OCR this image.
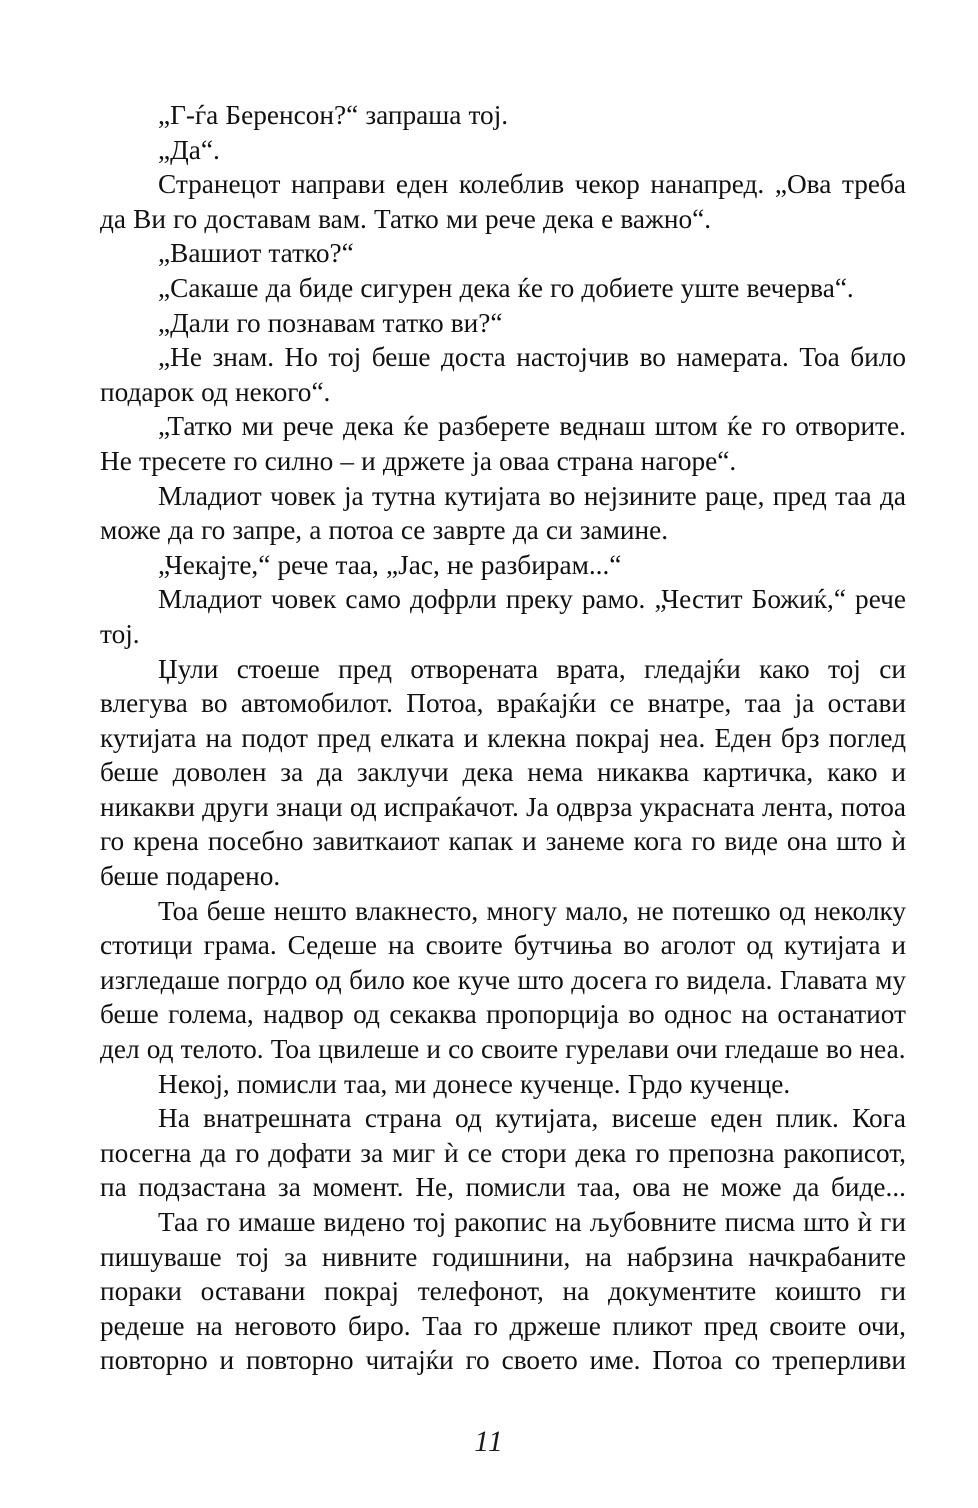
„Г-ѓа Беренсон?“ запраша тој.

„Да“.

Странецот направи еден колеблив чекор нанапред. „Ова треба да Ви го доставам вам. Татко ми рече дека е важно“.

„Вашиот татко?“

„Сакаше да биде сигурен дека ќе го добиете уште вечерва“.

„Дали го познавам татко ви?“

„Не знам. Но тој беше доста настојчив во намерата. Тоа било подарок од некого“.

„Татко ми рече дека ќе разберете веднаш штом ќе го отворите. Не тресете го силно – и држете ја оваа страна нагоре“.

Младиот човек ја тутна кутијата во нејзините раце, пред таа да може да го запре, а потоа се заврте да си замине.

„Чекајте,“ рече таа, „Јас, не разбирам...“

Младиот човек само дофрли преку рамо. „Честит Божиќ,“ рече тој.

Џули стоеше пред отворената врата, гледајќи како тој си влегува во автомобилот. Потоа, враќајќи се внатре, таа ја остави кутијата на подот пред елката и клекна покрај неа. Еден брз поглед беше доволен за да заклучи дека нема никаква картичка, како и никакви други знаци од испраќачот. Ја одврза украсната лента, потоа го крена посебно завиткаиот капак и занеме кога го виде она што ѝ беше подарено.

Тоа беше нешто влакнесто, многу мало, не потешко од неколку стотици грама. Седеше на своите бутчиња во аголот од кутијата и изгледаше погрдо од било кое куче што досега го видела. Главата му беше голема, надвор од секаква пропорција во однос на останатиот дел од телото. Тоа цвилеше и со своите гурелави очи гледаше во неа.

Некој, помисли таа, ми донесе кученце. Грдо кученце.

На внатрешната страна од кутијата, висеше еден плик. Кога посегна да го дофати за миг ѝ се стори дека го препозна ракописот, па подзастана за момент. Не, помисли таа, ова не може да биде...

Таа го имаше видено тој ракопис на љубовните писма што ѝ ги пишуваше тој за нивните годишнини, на набрзина начкрабаните пораки оставани покрај телефонот, на документите коишто ги редеше на неговото биро. Таа го држеше пликот пред своите очи, повторно и повторно читајќи го своето име. Потоа со треперливи

11
